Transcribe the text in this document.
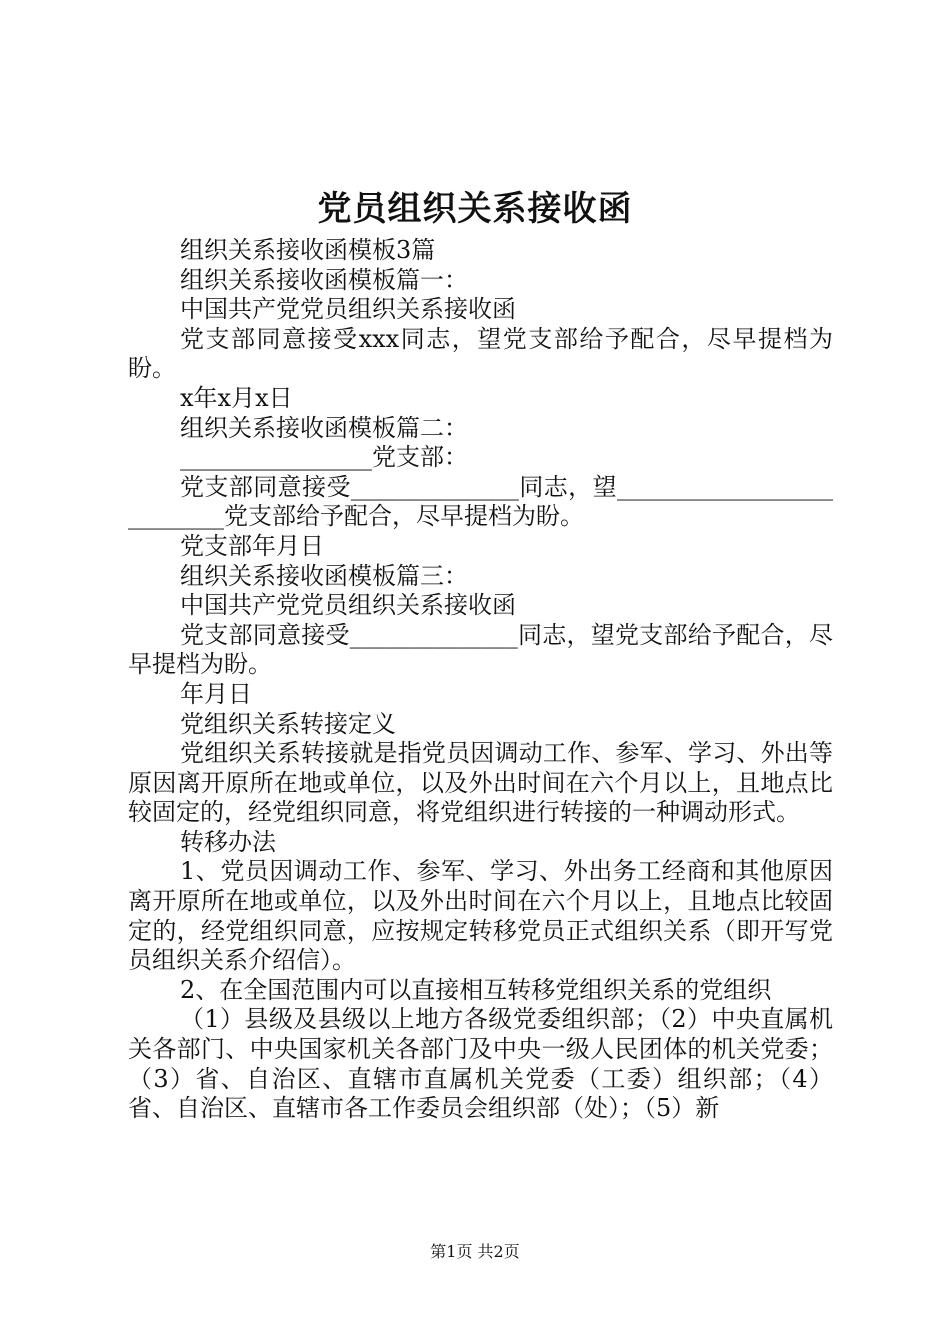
党员组织关系接收函

组织关系接收函模板3篇

组织关系接收函模板篇一：

中国共产党党员组织关系接收函

党支部同意接受xxx同志，望党支部给予配合，尽早提档为盼。

x年x月x日

组织关系接收函模板篇二：

________________党支部：

党支部同意接受______________同志，望__________________________党支部给予配合，尽早提档为盼。

党支部年月日

组织关系接收函模板篇三：

中国共产党党员组织关系接收函

党支部同意接受______________同志，望党支部给予配合，尽早提档为盼。

年月日

党组织关系转接定义

党组织关系转接就是指党员因调动工作、参军、学习、外出等原因离开原所在地或单位，以及外出时间在六个月以上，且地点比较固定的，经党组织同意，将党组织进行转接的一种调动形式。

转移办法

1、党员因调动工作、参军、学习、外出务工经商和其他原因离开原所在地或单位，以及外出时间在六个月以上，且地点比较固定的，经党组织同意，应按规定转移党员正式组织关系（即开写党员组织关系介绍信）。

2、在全国范围内可以直接相互转移党组织关系的党组织

（1）县级及县级以上地方各级党委组织部；（2）中央直属机关各部门、中央国家机关各部门及中央一级人民团体的机关党委；（3）省、自治区、直辖市直属机关党委（工委）组织部；（4）省、自治区、直辖市各工作委员会组织部（处）；（5）新

第1页 共2页
